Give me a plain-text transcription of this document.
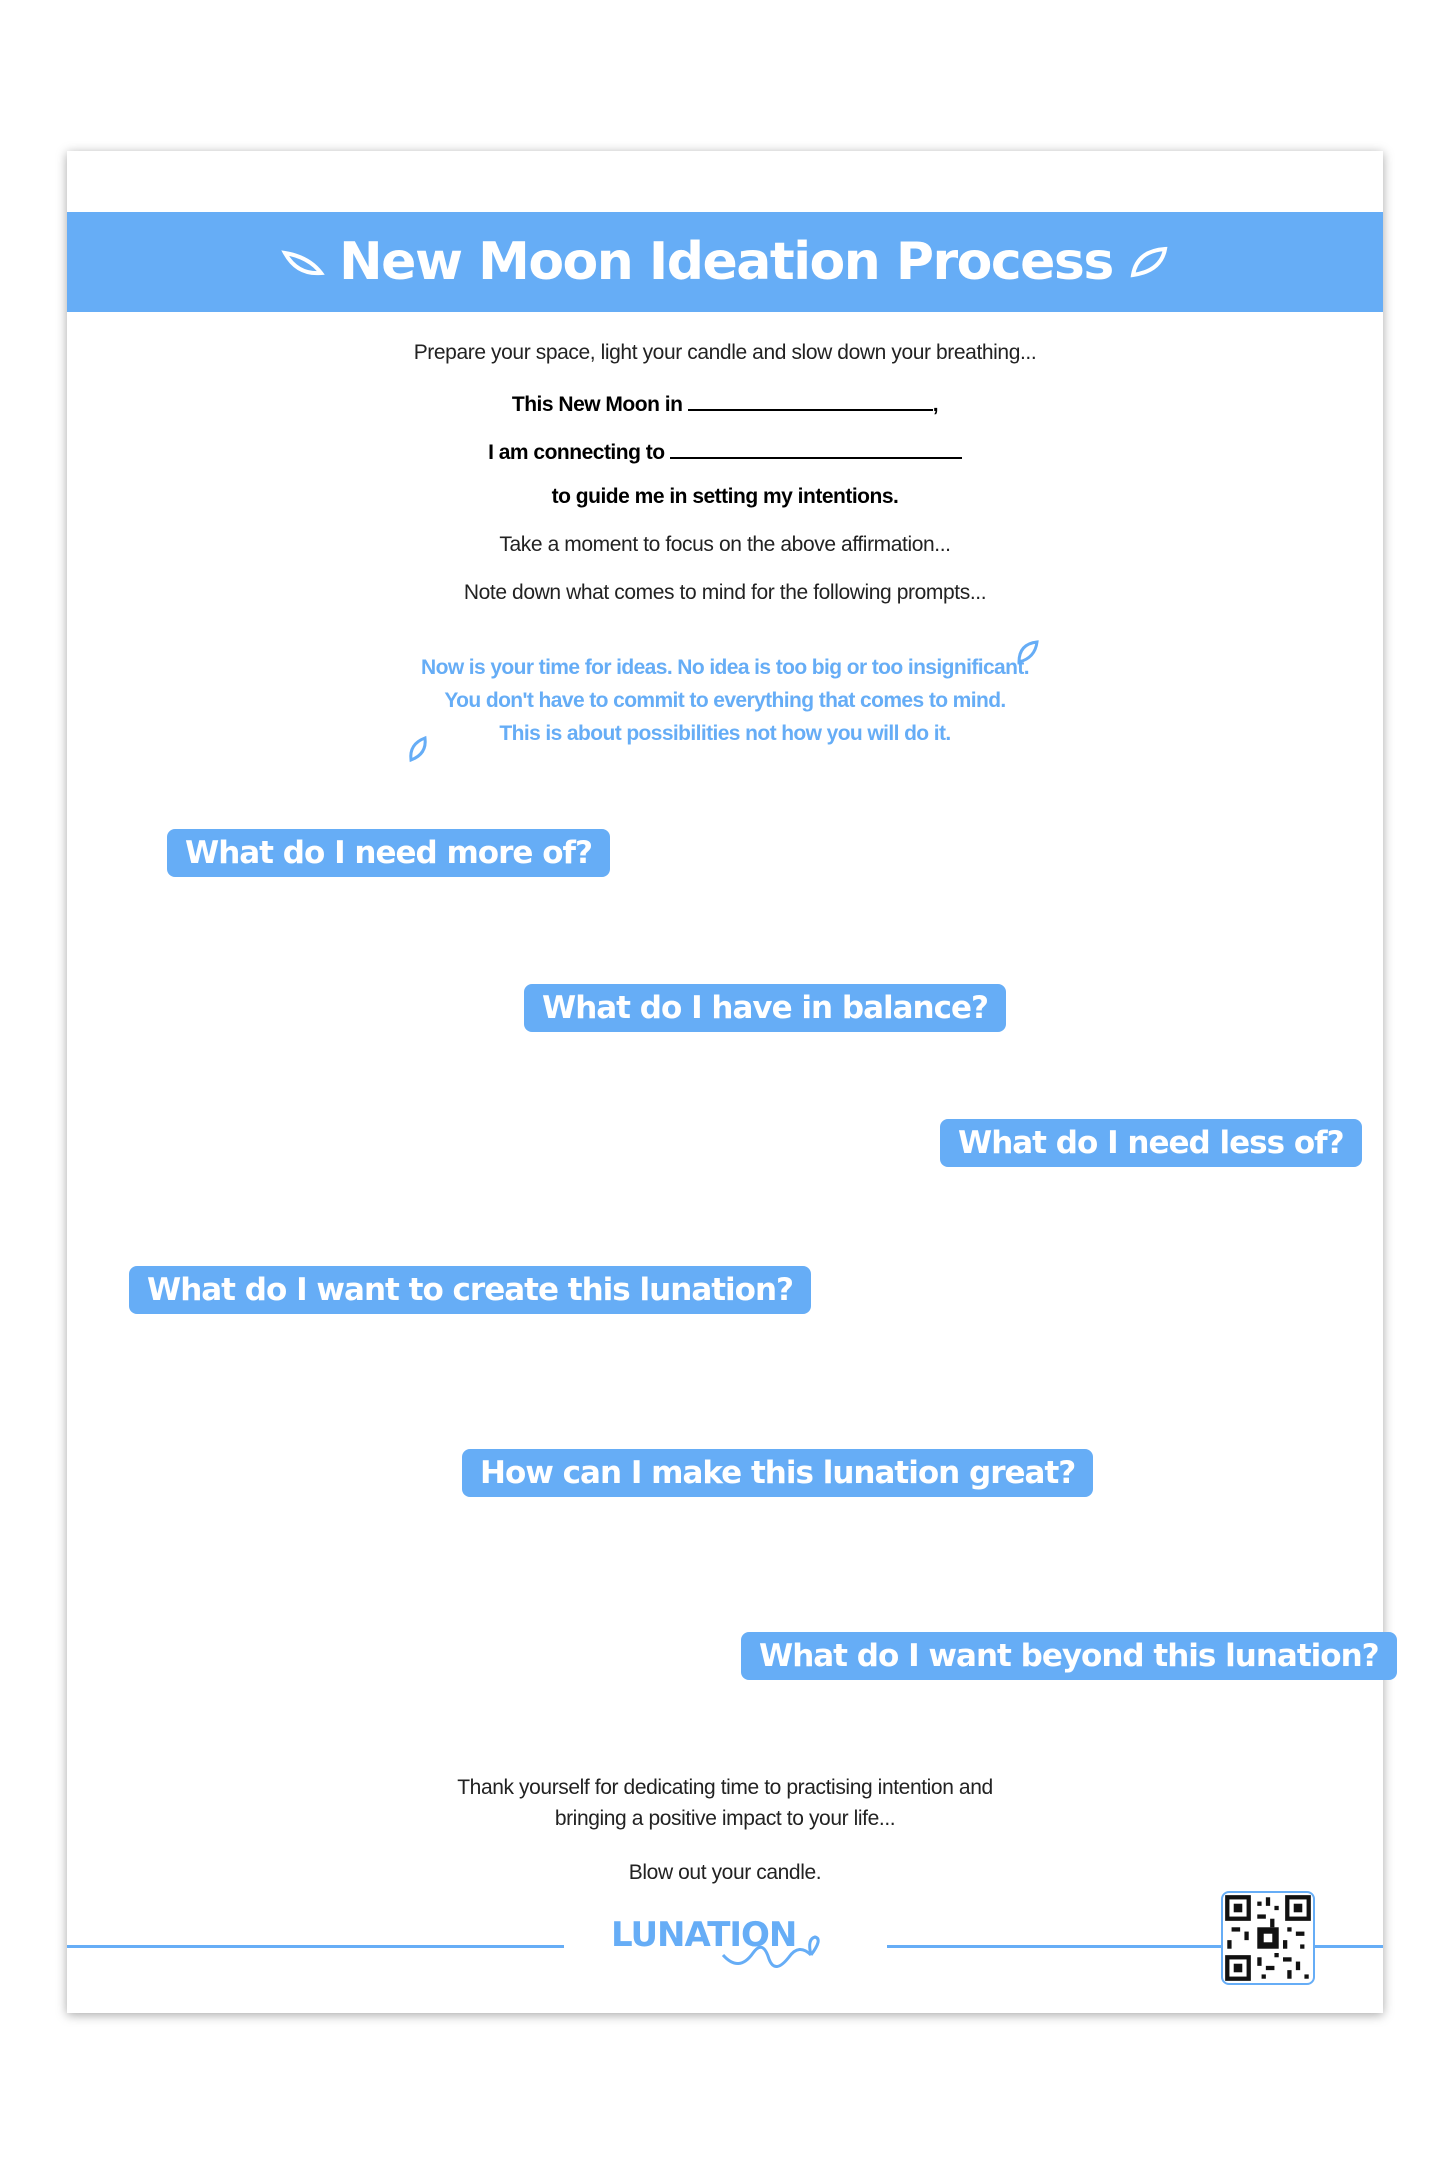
New Moon Ideation Process
Prepare your space, light your candle and slow down your breathing...
This New Moon in	,
I am connecting to
to guide me in setting my intentions.
Take a moment to focus on the above affirmation...
Note down what comes to mind for the following prompts...
Now is your time for ideas. No idea is too big or too insignificant.
You don't have to commit to everything that comes to mind.
This is about possibilities not how you will do it.
What do I need more of?
What do I have in balance?
What do I need less of?
What do I want to create this lunation?
How can I make this lunation great?
What do I want beyond this lunation?
Thank yourself for dedicating time to practising intention and
bringing a positive impact to your life...
Blow out your candle.
LUNATION
